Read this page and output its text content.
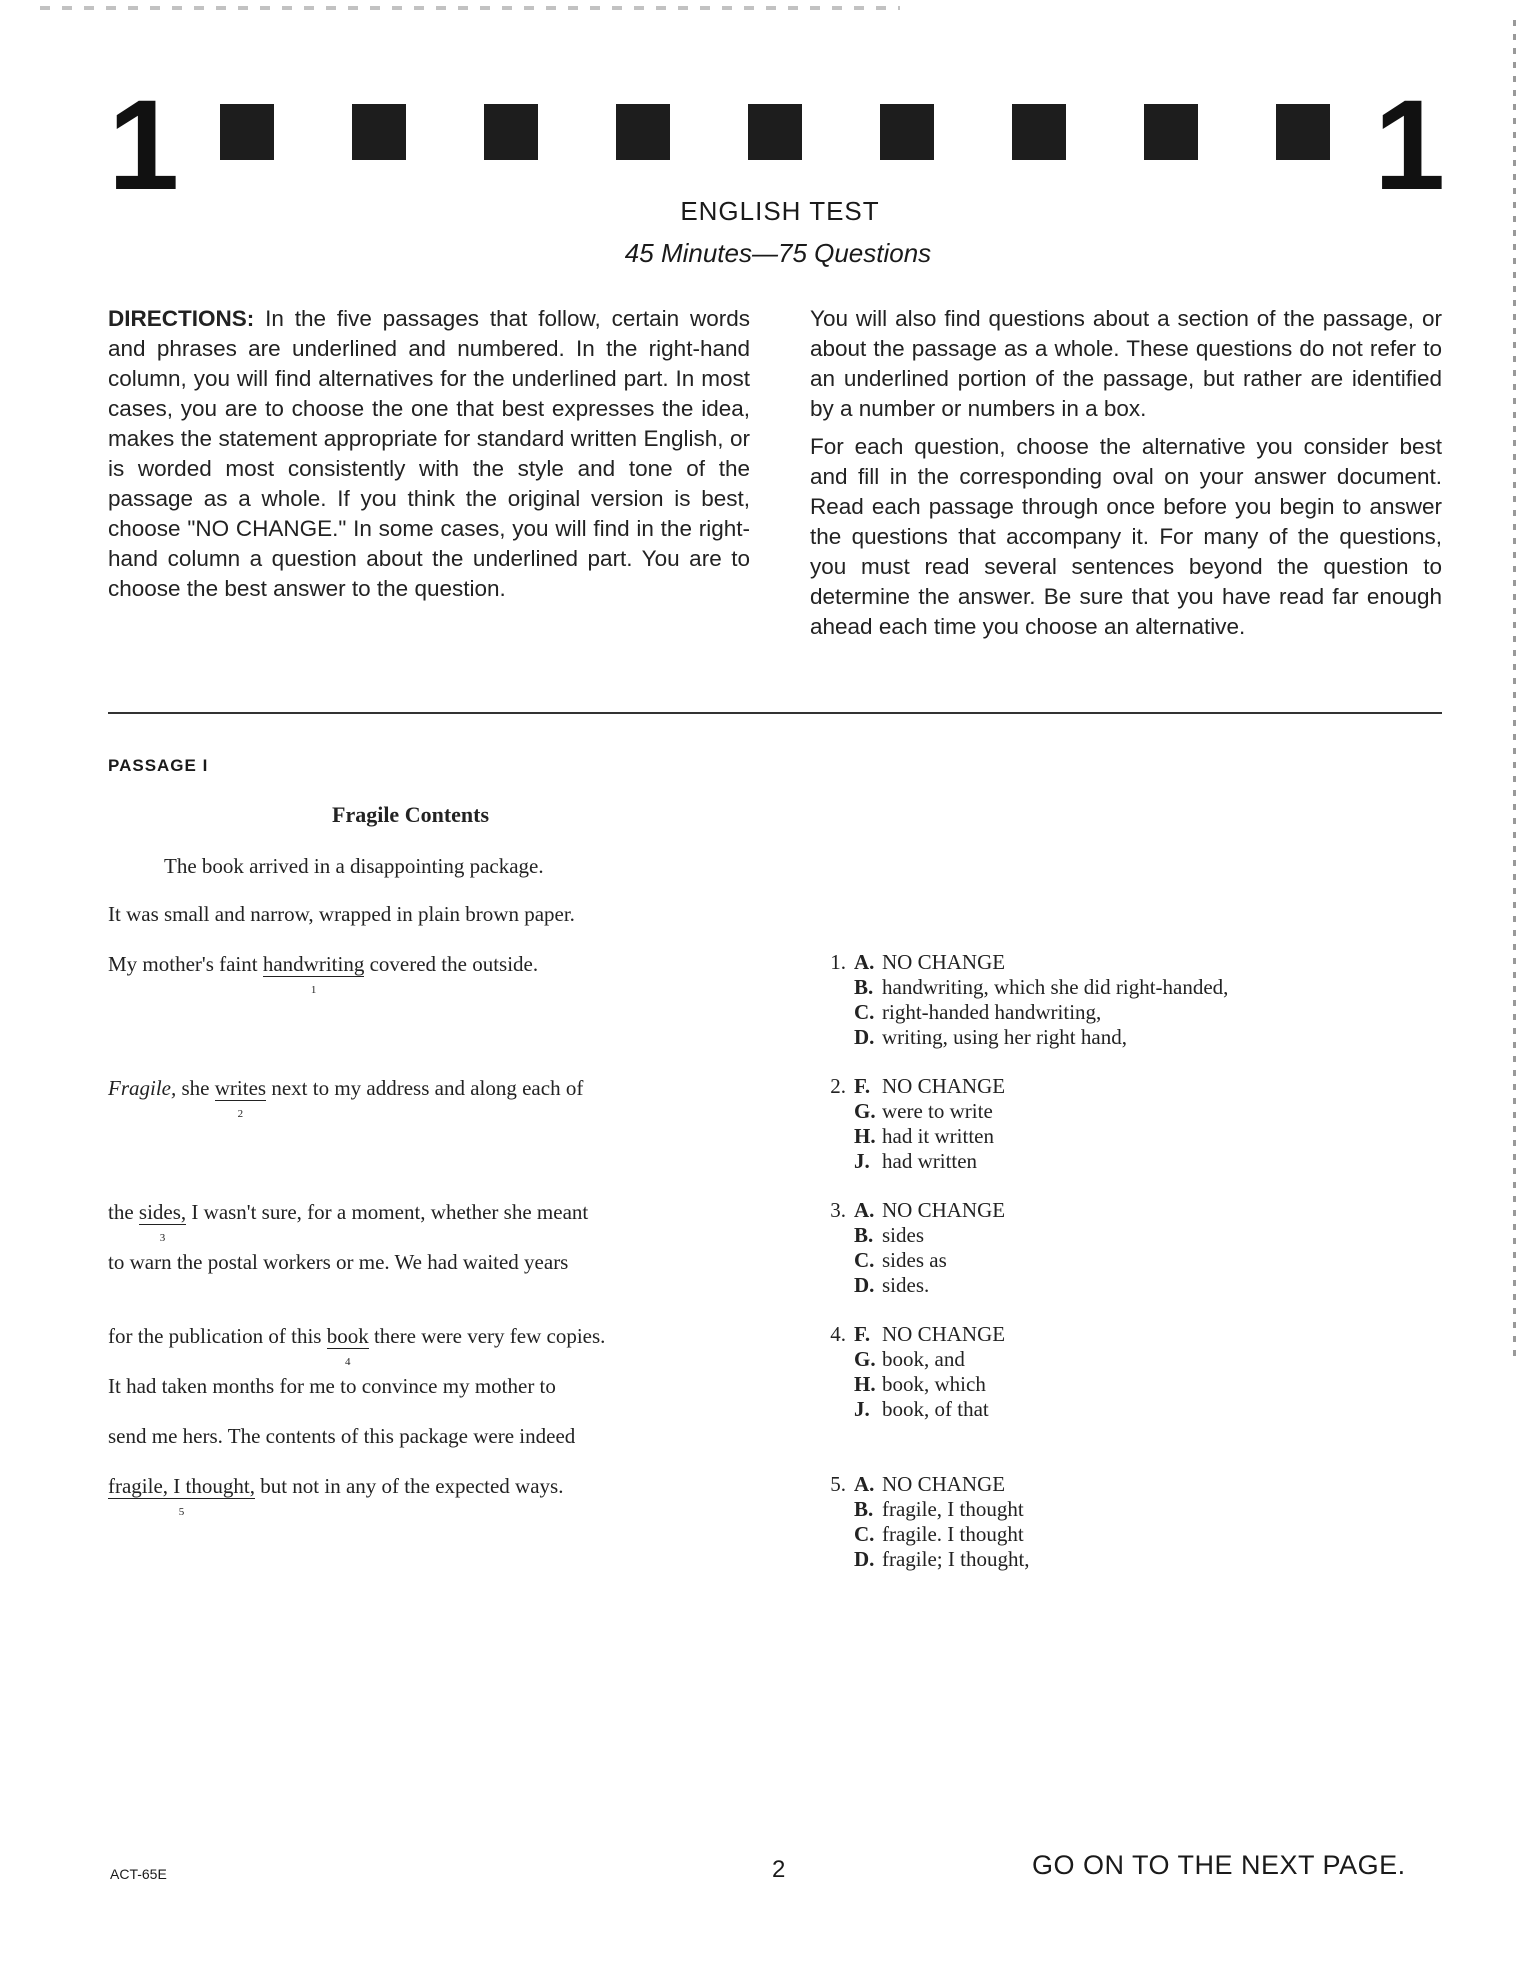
1	1
ENGLISH TEST
45 Minutes—75 Questions

DIRECTIONS: In the five passages that follow, certain words and phrases are underlined and numbered. In the right-hand column, you will find alternatives for the underlined part. In most cases, you are to choose the one that best expresses the idea, makes the statement appropriate for standard written English, or is worded most consistently with the style and tone of the passage as a whole. If you think the original version is best, choose "NO CHANGE." In some cases, you will find in the right-hand column a question about the underlined part. You are to choose the best answer to the question.

You will also find questions about a section of the passage, or about the passage as a whole. These questions do not refer to an underlined portion of the passage, but rather are identified by a number or numbers in a box.

For each question, choose the alternative you consider best and fill in the corresponding oval on your answer document. Read each passage through once before you begin to answer the questions that accompany it. For many of the questions, you must read several sentences beyond the question to determine the answer. Be sure that you have read far enough ahead each time you choose an alternative.

PASSAGE I
Fragile Contents
The book arrived in a disappointing package.
It was small and narrow, wrapped in plain brown paper.
My mother's faint handwriting
1
covered the outside.
Fragile, she writes
2
next to my address and along each of
the sides,
3
I wasn't sure, for a moment, whether she meant
to warn the postal workers or me. We had waited years
for the publication of this book
4
there were very few copies.
It had taken months for me to convince my mother to
send me hers. The contents of this package were indeed
fragile, I thought,
5
but not in any of the expected ways.
1. A. NO CHANGE
B. handwriting, which she did right-handed,
C. right-handed handwriting,
D. writing, using her right hand,
2. F. NO CHANGE
G. were to write
H. had it written
J. had written
3. A. NO CHANGE
B. sides
C. sides as
D. sides.
4. F. NO CHANGE
G. book, and
H. book, which
J. book, of that
5. A. NO CHANGE
B. fragile, I thought
C. fragile. I thought
D. fragile; I thought,
ACT-65E	2	GO ON TO THE NEXT PAGE.
